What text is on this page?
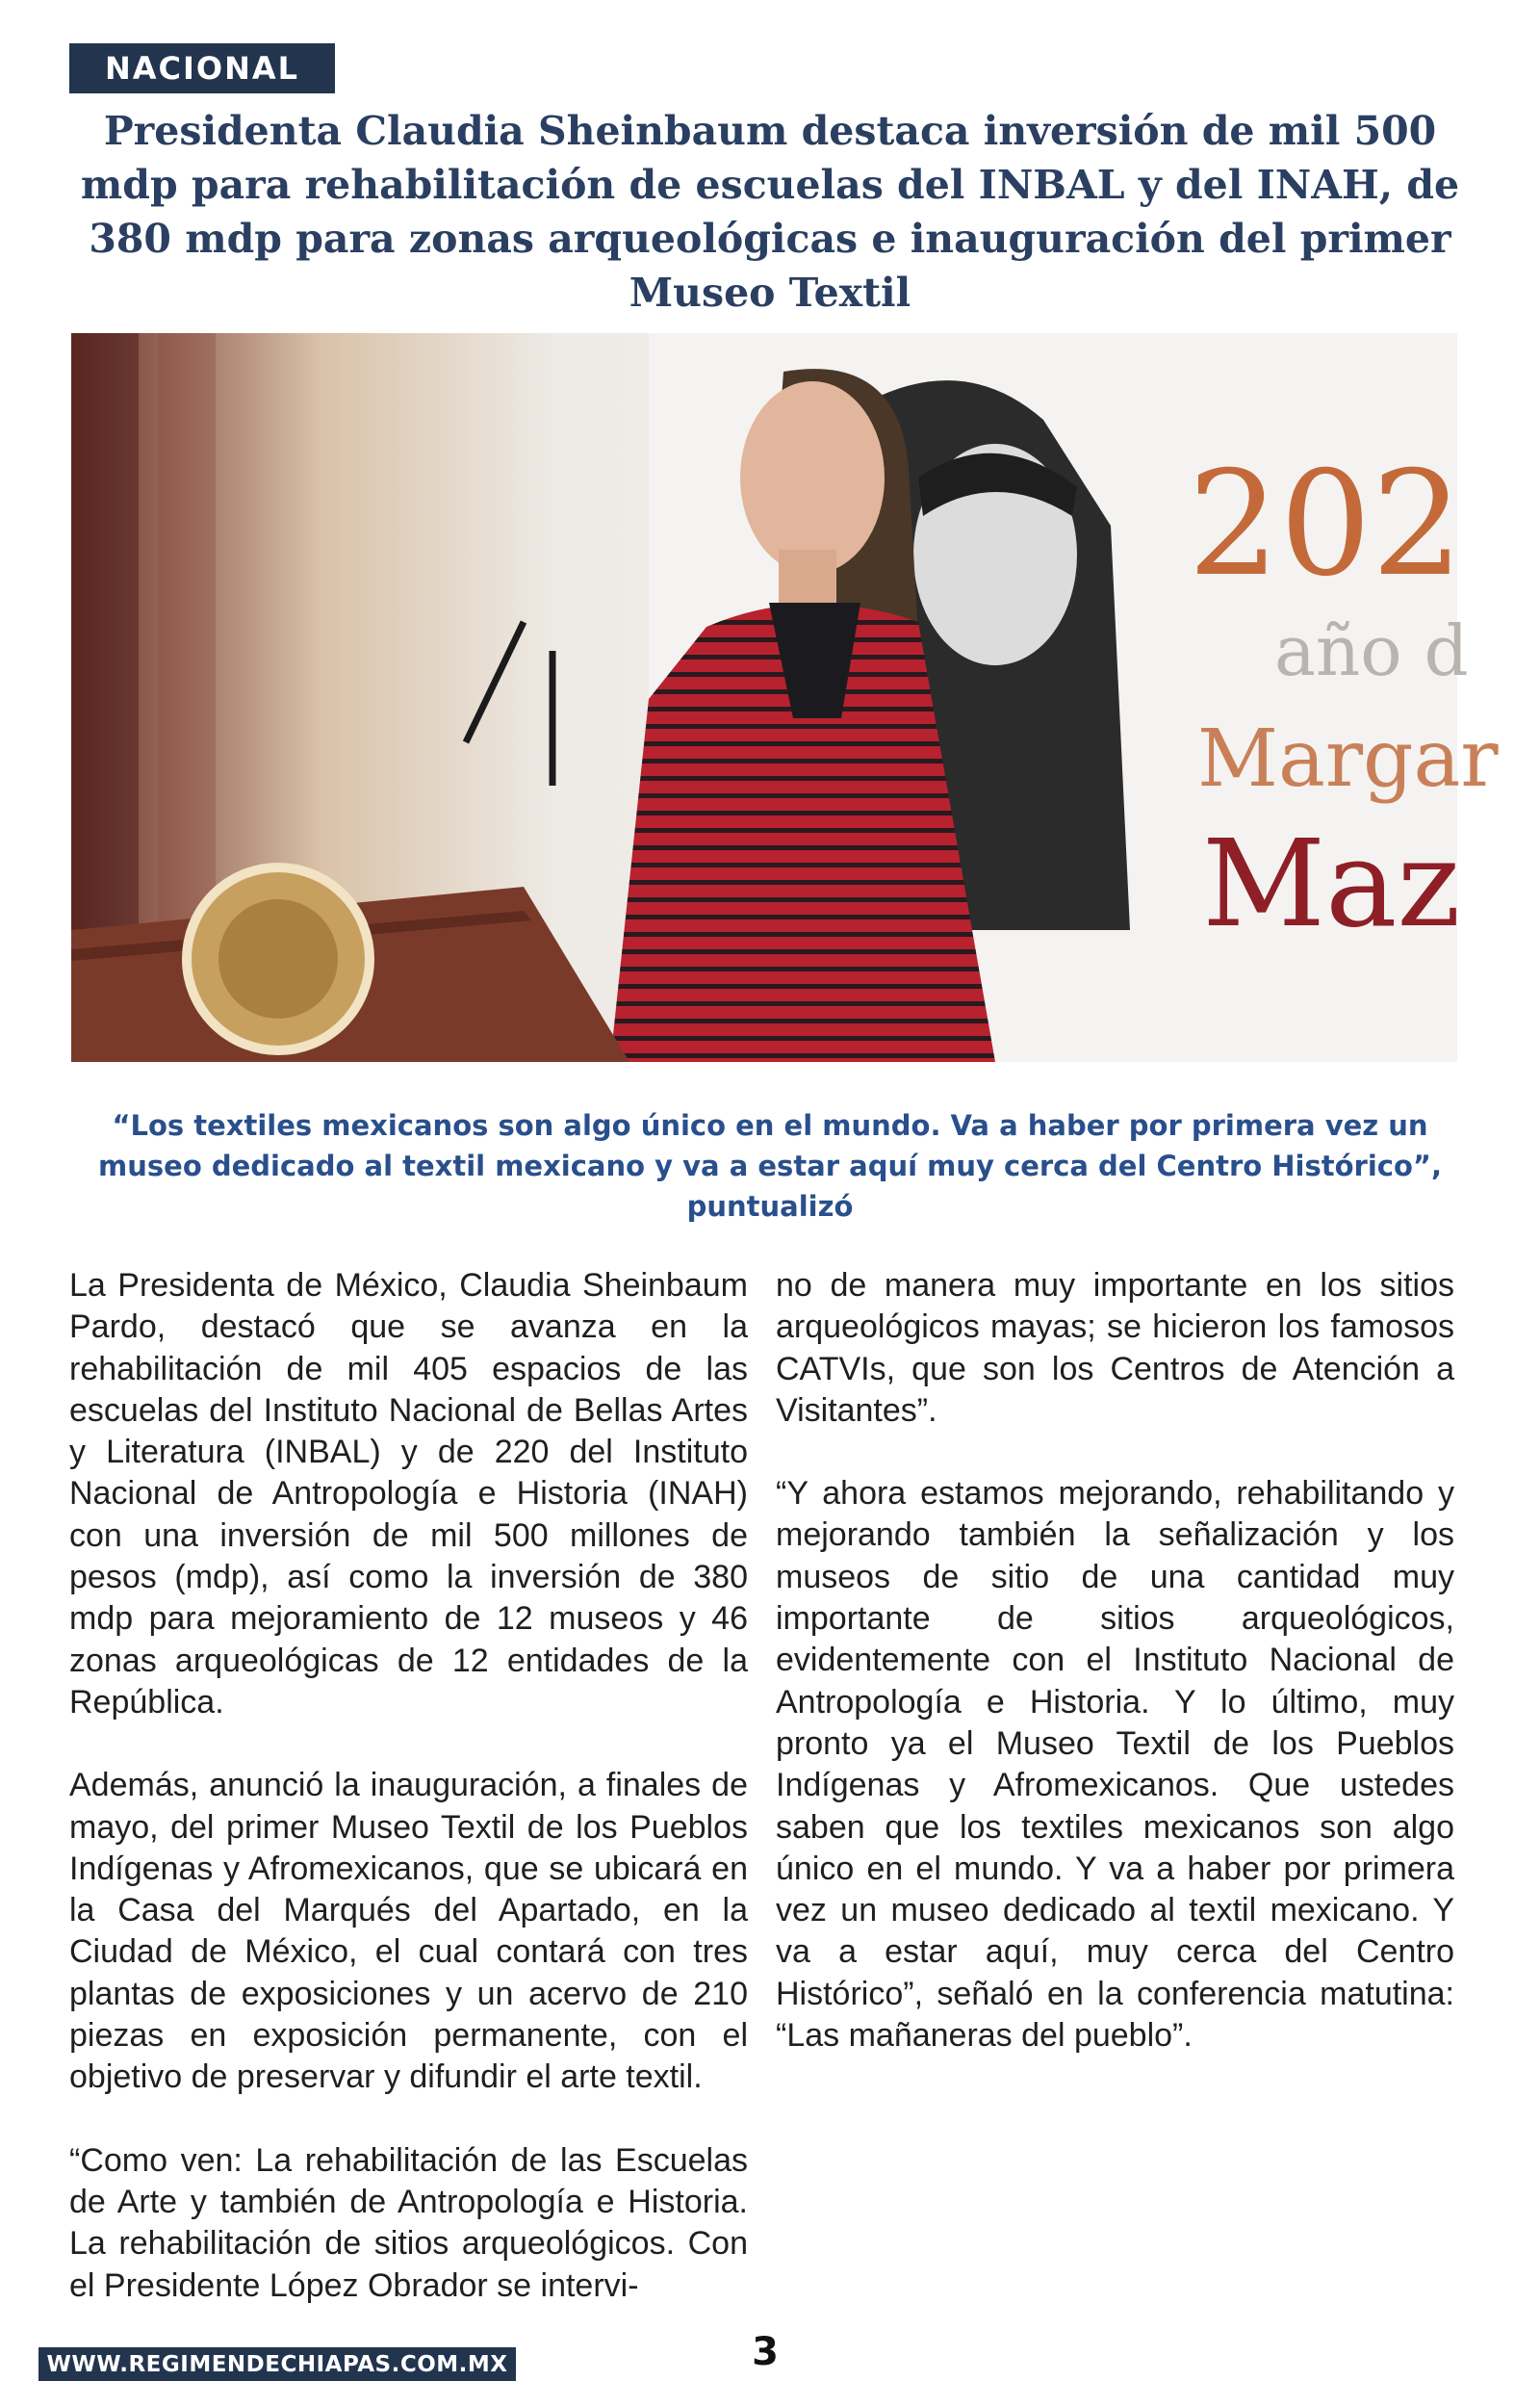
NACIONAL
Presidenta Claudia Sheinbaum destaca inversión de mil 500 mdp para rehabilitación de escuelas del INBAL y del INAH, de 380 mdp para zonas arqueológicas e inauguración del primer Museo Textil
202
año d
Margar
Maz

“Los textiles mexicanos son algo único en el mundo. Va a haber por primera vez un museo dedicado al textil mexicano y va a estar aquí muy cerca del Centro Histórico”, puntualizó

La Presidenta de México, Claudia Sheinbaum Pardo, destacó que se avanza en la rehabilitación de mil 405 espacios de las escuelas del Instituto Nacional de Bellas Artes y Literatura (INBAL) y de 220 del Instituto Nacional de Antropología e Historia (INAH) con una inversión de mil 500 millones de pesos (mdp), así como la inversión de 380 mdp para mejoramiento de 12 museos y 46 zonas arqueológicas de 12 entidades de la República.

Además, anunció la inauguración, a finales de mayo, del primer Museo Textil de los Pueblos Indígenas y Afromexicanos, que se ubicará en la Casa del Marqués del Apartado, en la Ciudad de México, el cual contará con tres plantas de exposiciones y un acervo de 210 piezas en exposición permanente, con el objetivo de preservar y difundir el arte textil.

“Como ven: La rehabilitación de las Escuelas de Arte y también de Antropología e Historia. La rehabilitación de sitios arqueológicos. Con el Presidente López Obrador se intervi-

no de manera muy importante en los sitios arqueológicos mayas; se hicieron los famosos CATVIs, que son los Centros de Atención a Visitantes”.

“Y ahora estamos mejorando, rehabilitando y mejorando también la señalización y los museos de sitio de una cantidad muy importante de sitios arqueológicos, evidentemente con el Instituto Nacional de Antropología e Historia. Y lo último, muy pronto ya el Museo Textil de los Pueblos Indígenas y Afromexicanos. Que ustedes saben que los textiles mexicanos son algo único en el mundo. Y va a haber por primera vez un museo dedicado al textil mexicano. Y va a estar aquí, muy cerca del Centro Histórico”, señaló en la conferencia matutina: “Las mañaneras del pueblo”.

3
WWW.REGIMENDECHIAPAS.COM.MX
